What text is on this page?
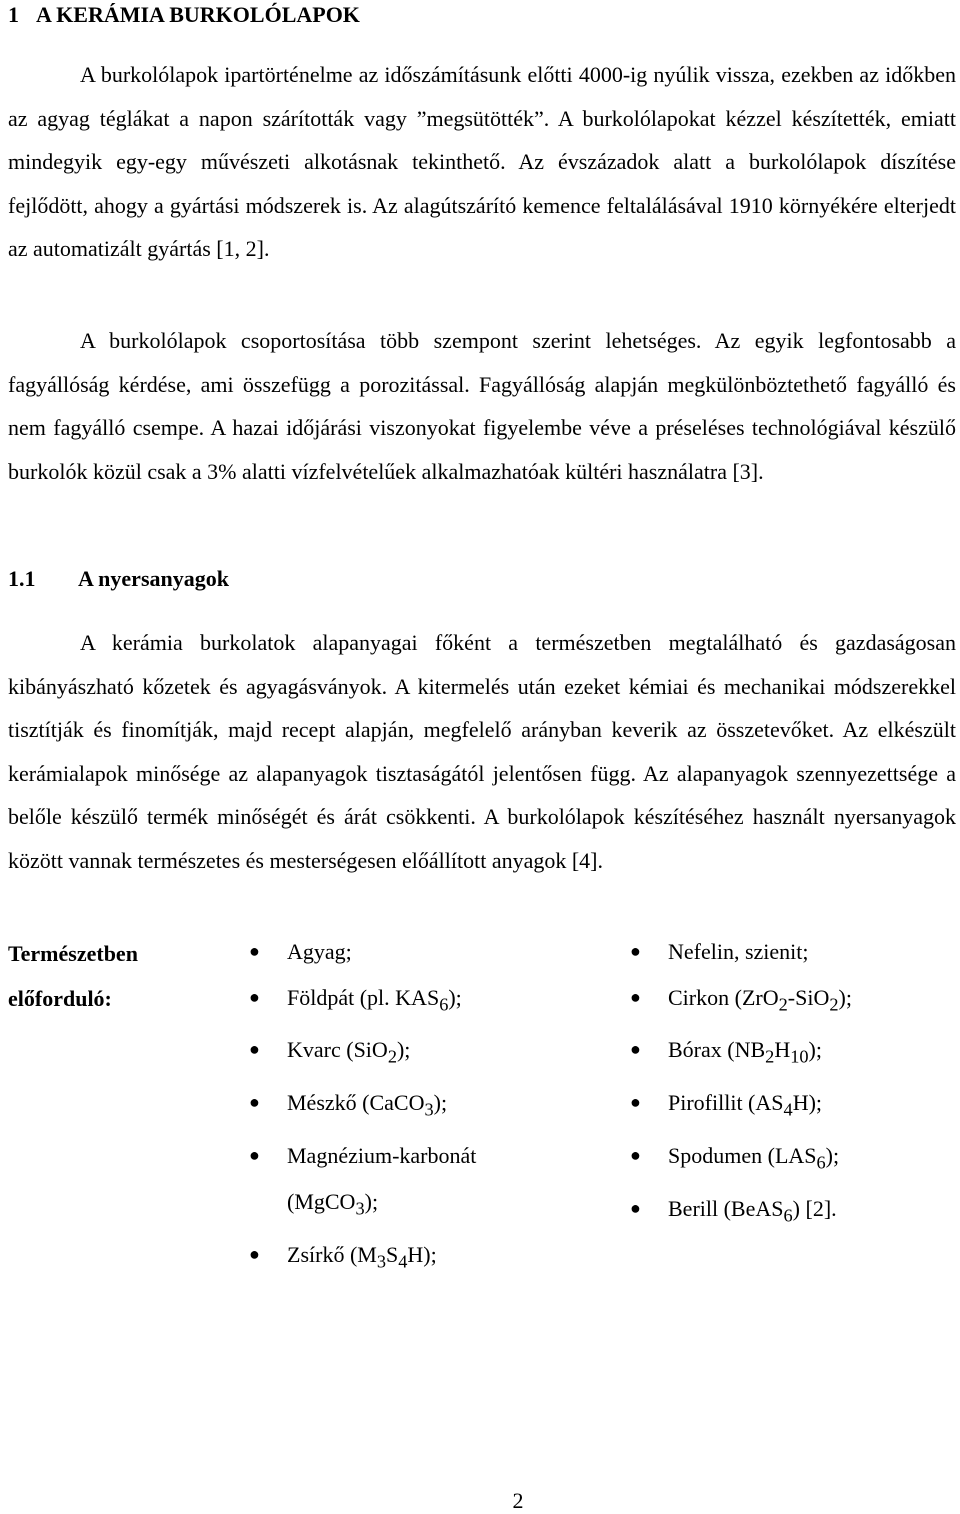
1 A KERÁMIA BURKOLÓLAPOK

A burkolólapok ipartörténelme az időszámításunk előtti 4000-ig nyúlik vissza, ezekben az időkben az agyag téglákat a napon szárították vagy ”megsütötték”. A burkolólapokat kézzel készítették, emiatt mindegyik egy-egy művészeti alkotásnak tekinthető. Az évszázadok alatt a burkolólapok díszítése fejlődött, ahogy a gyártási módszerek is. Az alagútszárító kemence feltalálásával 1910 környékére elterjedt az automatizált gyártás [1, 2].

A burkolólapok csoportosítása több szempont szerint lehetséges. Az egyik legfontosabb a fagyállóság kérdése, ami összefügg a porozitással. Fagyállóság alapján megkülönböztethető fagyálló és nem fagyálló csempe. A hazai időjárási viszonyokat figyelembe véve a préseléses technológiával készülő burkolók közül csak a 3% alatti vízfelvételűek alkalmazhatóak kültéri használatra [3].

1.1 A nyersanyagok

A kerámia burkolatok alapanyagai főként a természetben megtalálható és gazdaságosan kibányászható kőzetek és agyagásványok. A kitermelés után ezeket kémiai és mechanikai módszerekkel tisztítják és finomítják, majd recept alapján, megfelelő arányban keverik az összetevőket. Az elkészült kerámialapok minősége az alapanyagok tisztaságától jelentősen függ. Az alapanyagok szennyezettsége a belőle készülő termék minőségét és árát csökkenti. A burkolólapok készítéséhez használt nyersanyagok között vannak természetes és mesterségesen előállított anyagok [4].

Természetben
előforduló:
● Agyag;
● Földpát (pl. $KAS_6$);
● Kvarc (SiO$_2$);
● Mészkő (CaCO$_3$);
● Magnézium-karbonát
(MgCO$_3$);
● Zsírkő $(M_3S_4H)$;
● Nefelin, szienit;
● Cirkon (ZrO$_2$-SiO$_2$);
● Bórax $(NB_2H_{10})$;
● Pirofillit $(AS_4H)$;
● Spodumen $(LAS_6)$;
● Berill (BeAS$_6$) [2].
2
